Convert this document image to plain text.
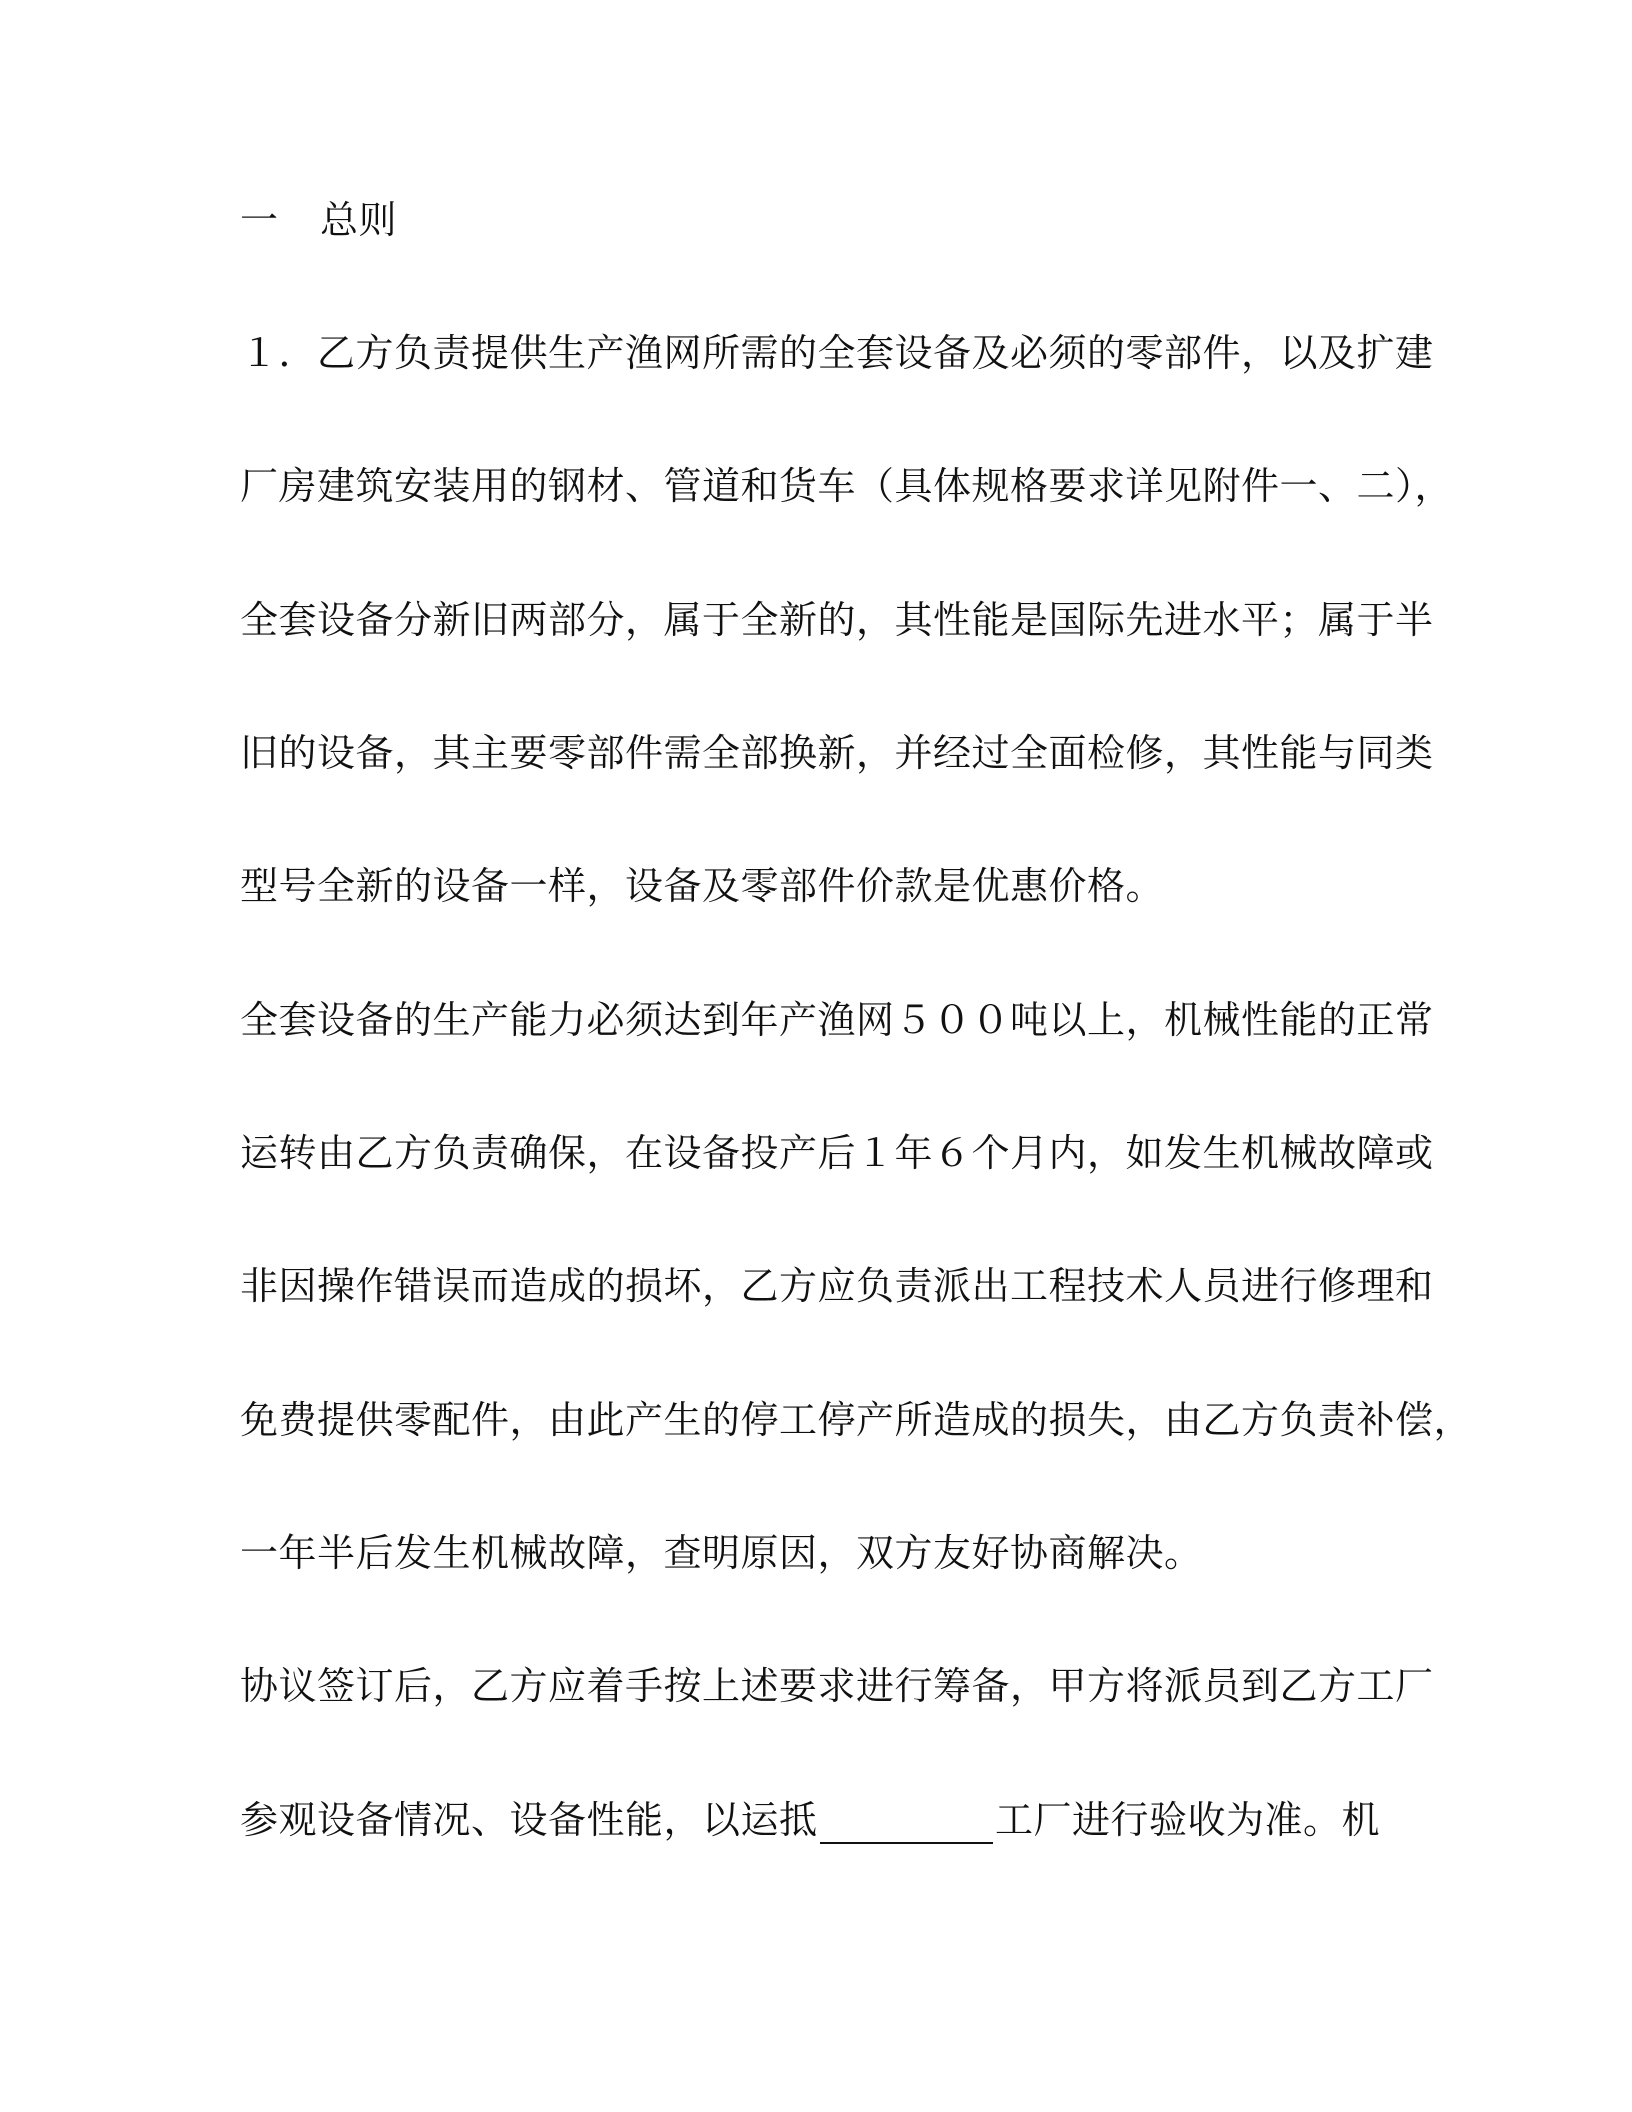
一	总则
１．乙方负责提供生产渔网所需的全套设备及必须的零部件，以及扩建
厂房建筑安装用的钢材、管道和货车（具体规格要求详见附件一、二），
全套设备分新旧两部分，属于全新的，其性能是国际先进水平；属于半
旧的设备，其主要零部件需全部换新，并经过全面检修，其性能与同类
型号全新的设备一样，设备及零部件价款是优惠价格。
全套设备的生产能力必须达到年产渔网５００吨以上，机械性能的正常
运转由乙方负责确保，在设备投产后１年６个月内，如发生机械故障或
非因操作错误而造成的损坏，乙方应负责派出工程技术人员进行修理和
免费提供零配件，由此产生的停工停产所造成的损失，由乙方负责补偿，
一年半后发生机械故障，查明原因，双方友好协商解决。
协议签订后，乙方应着手按上述要求进行筹备，甲方将派员到乙方工厂
参观设备情况、设备性能，以运抵	工厂进行验收为准。机
